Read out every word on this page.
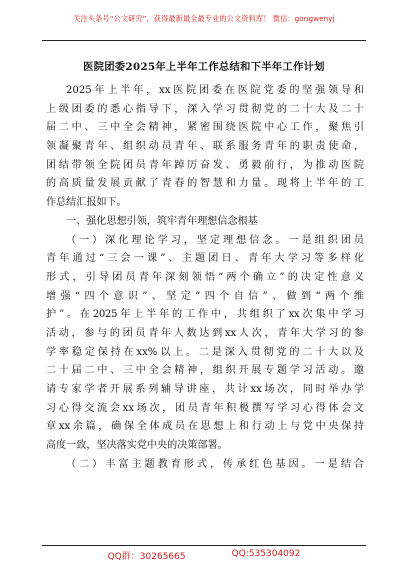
关注头条号“公文研究”，获得最新最全最专业的公文资料库！ 微信：gongwenyj
医院团委2025年上半年工作总结和下半年工作计划
2025年上半年，xx医院团委在医院党委的坚强领导和
上级团委的悉心指导下，深入学习贯彻党的二十大及二十
届二中、三中全会精神，紧密围绕医院中心工作，聚焦引
领凝聚青年、组织动员青年、联系服务青年的职责使命，
团结带领全院团员青年踔厉奋发、勇毅前行，为推动医院
的高质量发展贡献了青春的智慧和力量。现将上半年的工
作总结汇报如下。
一、强化思想引领，筑牢青年理想信念根基
（一）深化理论学习，坚定理想信念。一是组织团员
青年通过“三会一课”、主题团日、青年大学习等多样化
形式，引导团员青年深刻领悟“两个确立”的决定性意义
增强“四个意识”、坚定“四个自信”、做到“两个维
护”。在2025年上半年的工作中，共组织了xx次集中学习
活动，参与的团员青年人数达到xx人次，青年大学习的参
学率稳定保持在xx%以上。二是深入贯彻党的二十大以及
二十届二中、三中全会精神，组织开展专题学习活动。邀
请专家学者开展系列辅导讲座，共计xx场次，同时举办学
习心得交流会xx场次，团员青年积极撰写学习心得体会文
章xx余篇，确保全体成员在思想上和行动上与党中央保持
高度一致，坚决落实党中央的决策部署。
（二）丰富主题教育形式，传承红色基因。一是结合
QQ群：30265665	QQ:535304092
